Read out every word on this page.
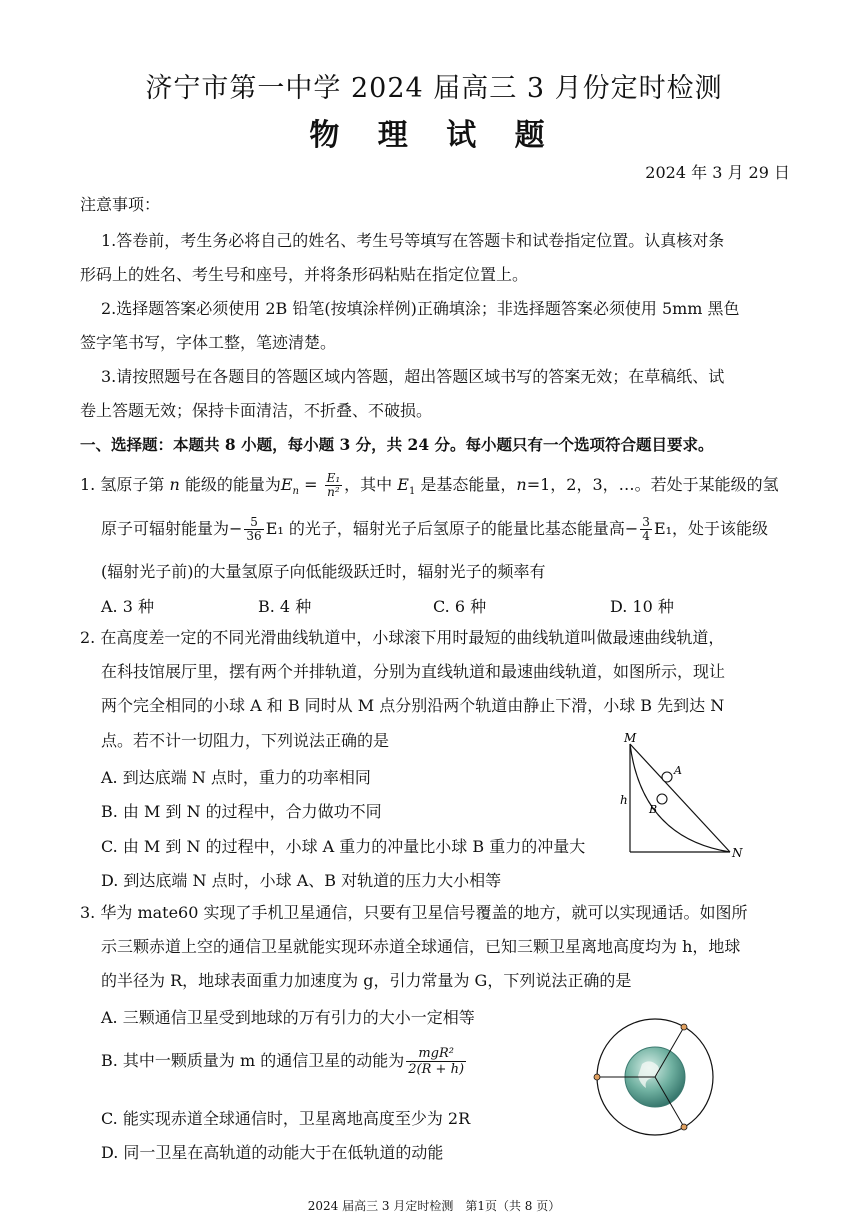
济宁市第一中学 2024 届高三 3 月份定时检测
物 理 试 题
2024 年 3 月 29 日
注意事项：
1.答卷前，考生务必将自己的姓名、考生号等填写在答题卡和试卷指定位置。认真核对条
形码上的姓名、考生号和座号，并将条形码粘贴在指定位置上。
2.选择题答案必须使用 2B 铅笔(按填涂样例)正确填涂；非选择题答案必须使用 5mm 黑色
签字笔书写，字体工整，笔迹清楚。
3.请按照题号在各题目的答题区域内答题，超出答题区域书写的答案无效；在草稿纸、试
卷上答题无效；保持卡面清洁，不折叠、不破损。
一、选择题：本题共 8 小题，每小题 3 分，共 24 分。每小题只有一个选项符合题目要求。
1. 氢原子第 n 能级的能量为$E_n = \frac{\text{E₁}}{\text{n²}}$ ，其中 $E_1$ 是基态能量，n=1，2，3，…。若处于某能级的氢
原子可辐射能量为− $\frac{5}{36} E_1$ 的光子，辐射光子后氢原子的能量比基态能量高− $\frac{3}{4} E_1$，处于该能级
(辐射光子前)的大量氢原子向低能级跃迁时，辐射光子的频率有
A. 3 种	B. 4 种	C. 6 种	D. 10 种
2. 在高度差一定的不同光滑曲线轨道中，小球滚下用时最短的曲线轨道叫做最速曲线轨道，
在科技馆展厅里，摆有两个并排轨道，分别为直线轨道和最速曲线轨道，如图所示，现让
两个完全相同的小球 A 和 B 同时从 M 点分别沿两个轨道由静止下滑，小球 B 先到达 N
点。若不计一切阻力，下列说法正确的是
A. 到达底端 N 点时，重力的功率相同
B. 由 M 到 N 的过程中，合力做功不同
C. 由 M 到 N 的过程中，小球 A 重力的冲量比小球 B 重力的冲量大
D. 到达底端 N 点时，小球 A、B 对轨道的压力大小相等
M
N
h
A
B
3. 华为 mate60 实现了手机卫星通信，只要有卫星信号覆盖的地方，就可以实现通话。如图所
示三颗赤道上空的通信卫星就能实现环赤道全球通信，已知三颗卫星离地高度均为 h，地球
的半径为 R，地球表面重力加速度为 g，引力常量为 G，下列说法正确的是
A. 三颗通信卫星受到地球的万有引力的大小一定相等
B. 其中一颗质量为 m 的通信卫星的动能为 $\frac{\text{mgR²}}{2(R + h)}$
C. 能实现赤道全球通信时，卫星离地高度至少为 2R
D. 同一卫星在高轨道的动能大于在低轨道的动能
2024 届高三 3 月定时检测　第1页（共 8 页）
